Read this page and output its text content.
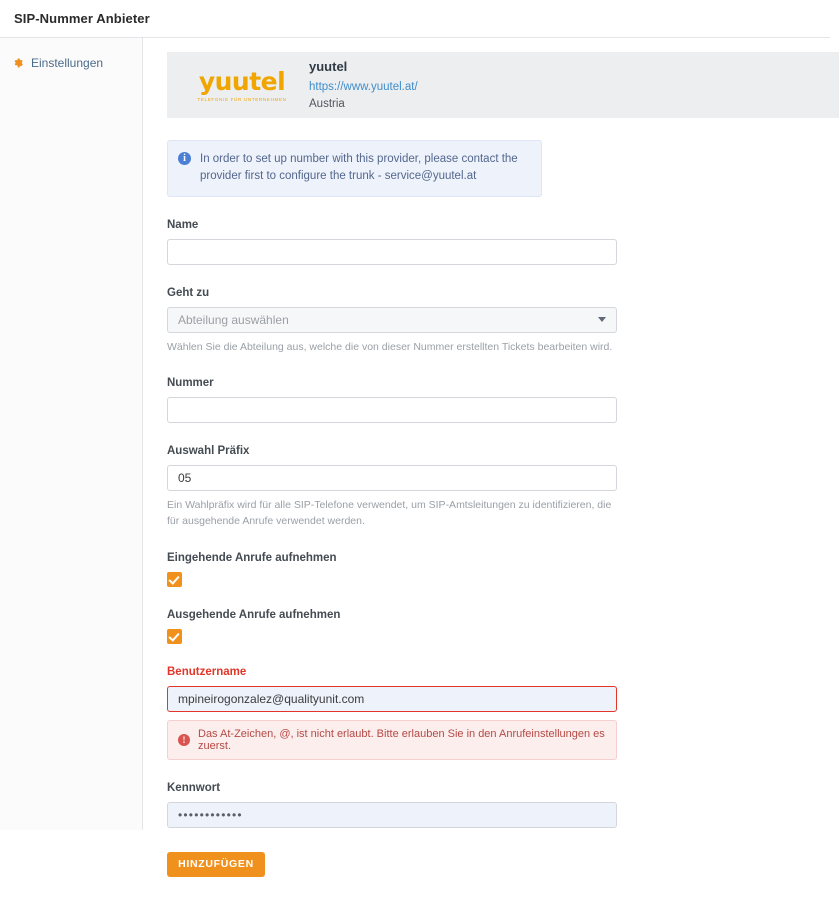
SIP-Nummer Anbieter
Einstellungen
yuutel
TELEFONIE FÜR UNTERNEHMEN
yuutel
https://www.yuutel.at/
Austria
i	In order to set up number with this provider, please contact the provider first to configure the trunk - service@yuutel.at
Name
Geht zu
Abteilung auswählen
Wählen Sie die Abteilung aus, welche die von dieser Nummer erstellten Tickets bearbeiten wird.
Nummer
Auswahl Präfix
05
Ein Wahlpräfix wird für alle SIP-Telefone verwendet, um SIP-Amtsleitungen zu identifizieren, die für ausgehende Anrufe verwendet werden.
Eingehende Anrufe aufnehmen
Ausgehende Anrufe aufnehmen
Benutzername
mpineirogonzalez@qualityunit.com
!	Das At-Zeichen, @, ist nicht erlaubt. Bitte erlauben Sie in den Anrufeinstellungen es zuerst.
Kennwort
••••••••••••
HINZUFÜGEN
